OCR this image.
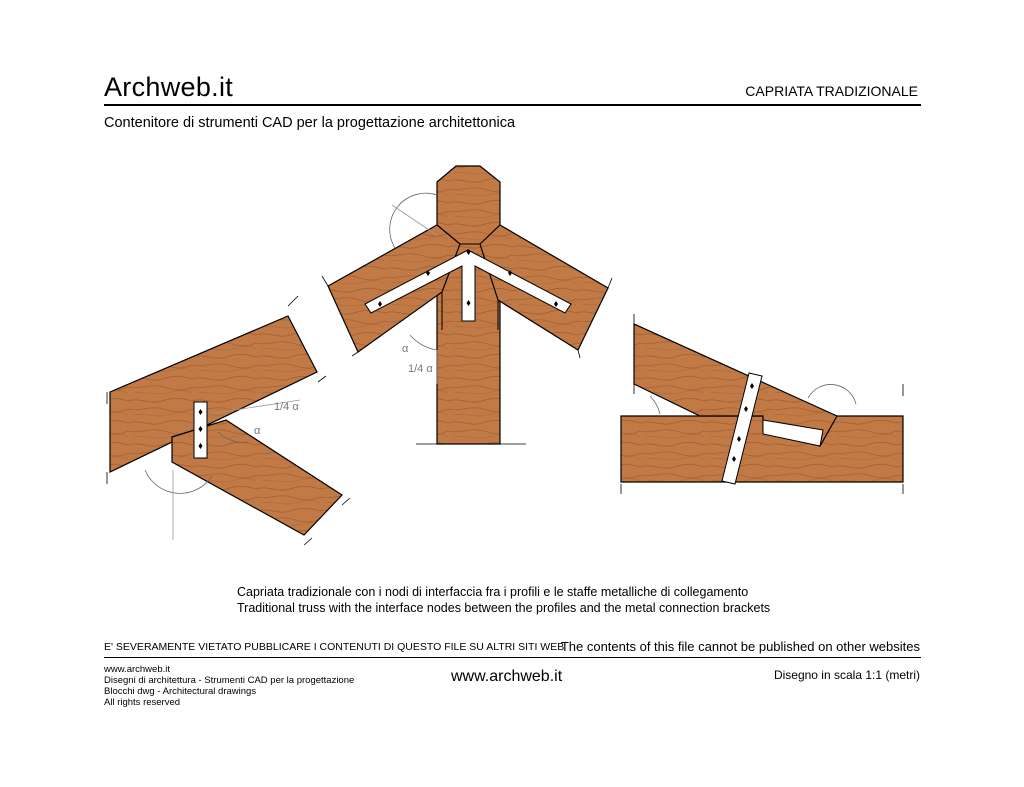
Archweb.it	CAPRIATA TRADIZIONALE
Contenitore di strumenti CAD per la progettazione architettonica
1/4 α
α
α
1/4 α
Capriata tradizionale con i nodi di interfaccia fra i profili e le staffe metalliche di collegamento
Traditional truss with the interface nodes between the profiles and the metal connection brackets
E' SEVERAMENTE VIETATO PUBBLICARE I CONTENUTI DI QUESTO FILE SU ALTRI SITI WEB
The contents of this file cannot be published on other websites
www.archweb.it
Disegni di architettura - Strumenti CAD per la progettazione
Blocchi dwg - Architectural drawings
All rights reserved
www.archweb.it	Disegno in scala 1:1 (metri)
